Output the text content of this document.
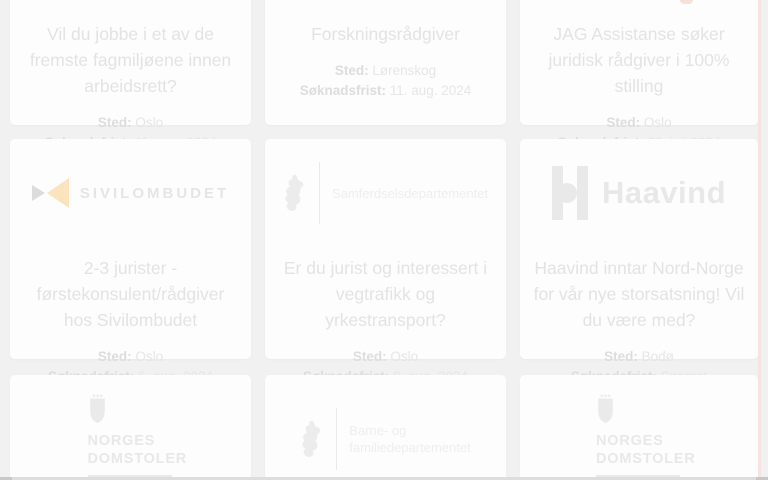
Vil du jobbe i et av de fremste fagmiljøene innen arbeidsrett?
Sted: Oslo
Forskningsrådgiver
Sted: Lørenskog
Søknadsfrist: 11. aug. 2024
JAG Assistanse søker juridisk rådgiver i 100% stilling
Sted: Oslo
SIVILOMBUDET
2-3 jurister - førstekonsulent/rådgiver hos Sivilombudet
Sted: Oslo
Samferdselsdepartementet
Er du jurist og interessert i vegtrafikk og yrkestransport?
Sted: Oslo
Haavind
Haavind inntar Nord-Norge for vår nye storsatsning! Vil du være med?
Sted: Bodø
NORGES
DOMSTOLER
Barne- og
familiedepartementet	NORGES
DOMSTOLER
